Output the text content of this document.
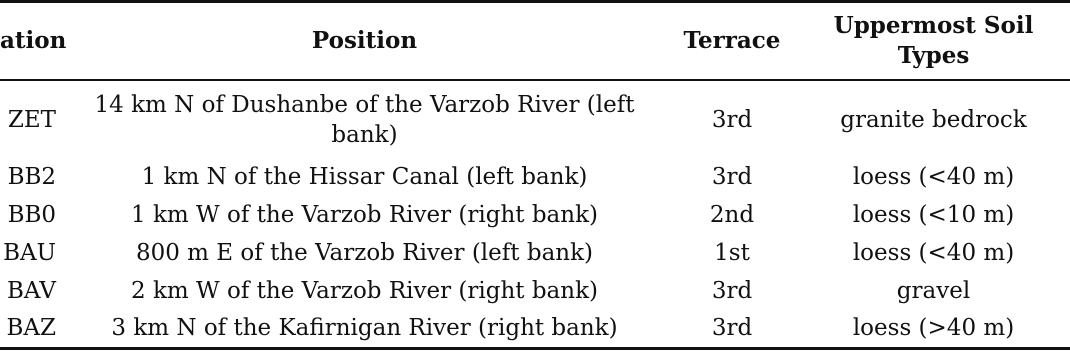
ation	Position	Terrace	Uppermost Soil Types
ZET	14 km N of Dushanbe of the Varzob River (left bank)	3rd	granite bedrock
BB2	1 km N of the Hissar Canal (left bank)	3rd	loess (<40 m)
BB0	1 km W of the Varzob River (right bank)	2nd	loess (<10 m)
BAU	800 m E of the Varzob River (left bank)	1st	loess (<40 m)
BAV	2 km W of the Varzob River (right bank)	3rd	gravel
BAZ	3 km N of the Kafirnigan River (right bank)	3rd	loess (>40 m)
